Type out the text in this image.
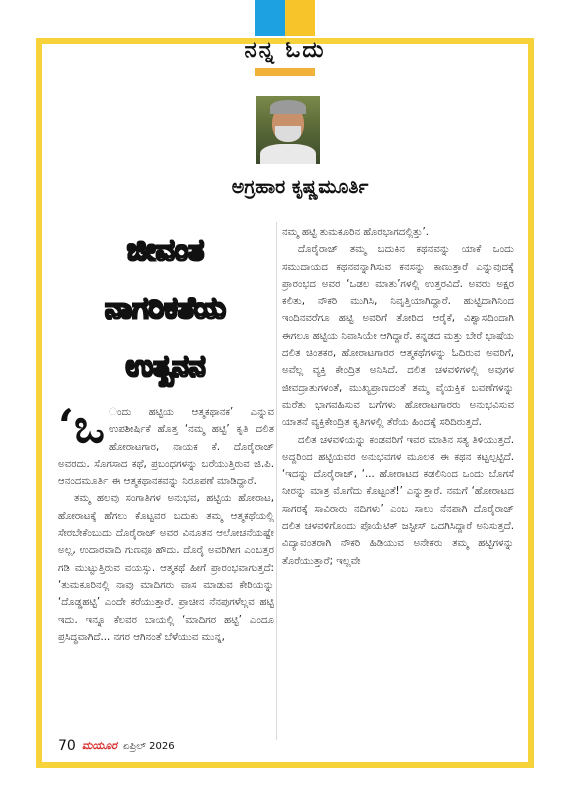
ನನ್ನ ಓದು
ಅಗ್ರಹಾರ ಕೃಷ್ಣಮೂರ್ತಿ
ಜೀವಂತ
ನಾಗರಿಕತೆಯ
ಉತ್ಖನನ

ನಮ್ಮ ಹಟ್ಟಿ ತುಮಕೂರಿನ ಹೊರಭಾಗದಲ್ಲಿತ್ತು’.

ದೊರೈರಾಜ್ ತಮ್ಮ ಬದುಕಿನ ಕಥನವನ್ನು ಯಾಕೆ ಒಂದು ಸಮುದಾಯದ ಕಥನವನ್ನಾಗಿಸುವ ಕನಸನ್ನು ಕಾಣುತ್ತಾರೆ ಎನ್ನುವುದಕ್ಕೆ ಪ್ರಾರಂಭದ ಅವರ ‘ಒಡಲ ಮಾತು’ಗಳಲ್ಲಿ ಉತ್ತರವಿದೆ. ಅವರು ಅಕ್ಷರ ಕಲಿತು, ನೌಕರಿ ಮುಗಿಸಿ, ನಿವೃತ್ತಿಯಾಗಿದ್ದಾರೆ. ಹುಟ್ಟಿದಾಗಿನಿಂದ ಇಂದಿನವರೆಗೂ ಹಟ್ಟಿ ಅವರಿಗೆ ತೋರಿದ ಆರೈಕೆ, ವಿಶ್ವಾಸದಿಂದಾಗಿ ಈಗಲೂ ಹಟ್ಟಿಯ ನಿವಾಸಿಯೇ ಆಗಿದ್ದಾರೆ. ಕನ್ನಡದ ಮತ್ತು ಬೇರೆ ಭಾಷೆಯ ದಲಿತ ಚಿಂತಕರ, ಹೋರಾಟಗಾರರ ಆತ್ಮಕಥೆಗಳನ್ನು ಓದಿರುವ ಅವರಿಗೆ, ಅವೆಲ್ಲ ವ್ಯಕ್ತಿ ಕೇಂದ್ರಿತ ಅನಿಸಿದೆ. ದಲಿತ ಚಳವಳಿಗಳಲ್ಲಿ ಅವುಗಳ ಜೀವದ್ರಾತುಗಳಂತೆ, ಮುಖ್ಯಪ್ರಾಣದಂತೆ ತಮ್ಮ ವೈಯಕ್ತಿಕ ಬವಣೆಗಳನ್ನು ಮರೆತು ಭಾಗವಹಿಸುವ ಬಗೆಗಳು ಹೋರಾಟಗಾರರು ಅನುಭವಿಸುವ ಯಾತನೆ ವ್ಯಕ್ತಿಕೇಂದ್ರಿತ ಕೃತಿಗಳಲ್ಲಿ ತೆರೆಯ ಹಿಂದಕ್ಕೆ ಸರಿದಿರುತ್ತದೆ.

ದಲಿತ ಚಳವಳಿಯನ್ನು ಕಂಡವರಿಗೆ ಇವರ ಮಾತಿನ ಸತ್ಯ ತಿಳಿಯುತ್ತದೆ. ಅದ್ದರಿಂದ ಹಟ್ಟಿಯವರ ಅನುಭವಗಳ ಮೂಲಕ ಈ ಕಥನ ಕಟ್ಟಲ್ಪಟ್ಟಿದೆ. ‘ಇದನ್ನು ದೊರೈರಾಜ್, ‘... ಹೋರಾಟದ ಕಡಲಿನಿಂದ ಒಂದು ಬೊಗಸೆ ನೀರನ್ನು ಮಾತ್ರ ಮೊಗೆದು ಕೊಟ್ಟಂತೆ!’ ಎನ್ನುತ್ತಾರೆ. ನಮಗೆ ‘ಹೋರಾಟದ ಸಾಗರಕ್ಕೆ ಸಾವಿರಾರು ನದಿಗಳು’ ಎಂಬ ಸಾಲು ನೆನಪಾಗಿ ದೊರೈರಾಜ್ ದಲಿತ ಚಳವಳಿಗೊಂದು ಪೊಯೆಟಿಕ್ ಜಸ್ಟೀಸ್ ಒದಗಿಸಿದ್ದಾರೆ ಅನಿಸುತ್ತದೆ. ವಿದ್ಯಾವಂತರಾಗಿ ನೌಕರಿ ಹಿಡಿಯುವ ಅನೇಕರು ತಮ್ಮ ಹಟ್ಟಿಗಳನ್ನು ತೊರೆಯುತ್ತಾರೆ; ಇಲ್ಲವೇ

‘ಒ ಂದು ಹಟ್ಟಿಯ ಆತ್ಮಕಥಾನಕ’ ಎನ್ನುವ ಉಪಶೀರ್ಷಿಕೆ ಹೊತ್ತ ‘ನಮ್ಮ ಹಟ್ಟಿ’ ಕೃತಿ ದಲಿತ ಹೋರಾಟಗಾರ, ನಾಯಕ ಕೆ. ದೊರೈರಾಜ್ ಅವರದು. ಸೊಗಸಾದ ಕಥೆ, ಪ್ರಬಂಧಗಳನ್ನು ಬರೆಯುತ್ತಿರುವ ಜಿ.ಪಿ. ಆನಂದಮೂರ್ತಿ ಈ ಆತ್ಮಕಥಾನಕವನ್ನು ನಿರೂಪಣೆ ಮಾಡಿದ್ದಾರೆ.

ತಮ್ಮ ಹಲವು ಸಂಗಾತಿಗಳ ಅನುಭವ, ಹಟ್ಟಿಯ ಹೋರಾಟ, ಹೋರಾಟಕ್ಕೆ ಹೆಗಲು ಕೊಟ್ಟವರ ಬದುಕು ತಮ್ಮ ಆತ್ಮಕಥೆಯಲ್ಲಿ ಸೇರಬೇಕೆಂಬುದು ದೊರೈರಾಜ್ ಅವರ ವಿನೂತನ ಆಲೋಚನೆಯಷ್ಟೇ ಅಲ್ಲ, ಉದಾರವಾದಿ ಗುಣವೂ ಹೌದು. ದೊರೈ ಅವರಿಗೀಗ ಎಂಬತ್ತರ ಗಡಿ ಮುಟ್ಟುತ್ತಿರುವ ವಯಸ್ಸು. ಆತ್ಮಕಥೆ ಹೀಗೆ ಪ್ರಾರಂಭವಾಗುತ್ತದೆ: ‘ತುಮಕೂರಿನಲ್ಲಿ ನಾವು ಮಾದಿಗರು ವಾಸ ಮಾಡುವ ಕೇರಿಯನ್ನು ‘ದೊಡ್ಡಹಟ್ಟಿ’ ಎಂದೇ ಕರೆಯುತ್ತಾರೆ. ಪ್ರಾಚೀನ ನೆನಪುಗಳೆಲ್ಲವ ಹಟ್ಟಿ ಇದು. ಇನ್ನೂ ಕೆಲವರ ಬಾಯಲ್ಲಿ ‘ಮಾದಿಗರ ಹಟ್ಟಿ’ ಎಂದೂ ಪ್ರಸಿದ್ಧವಾಗಿದೆ... ನಗರ ಆಗಿನಂತೆ ಬೆಳೆಯುವ ಮುನ್ನ,

70 ಮಯೂರ ಏಪ್ರಿಲ್ 2026
